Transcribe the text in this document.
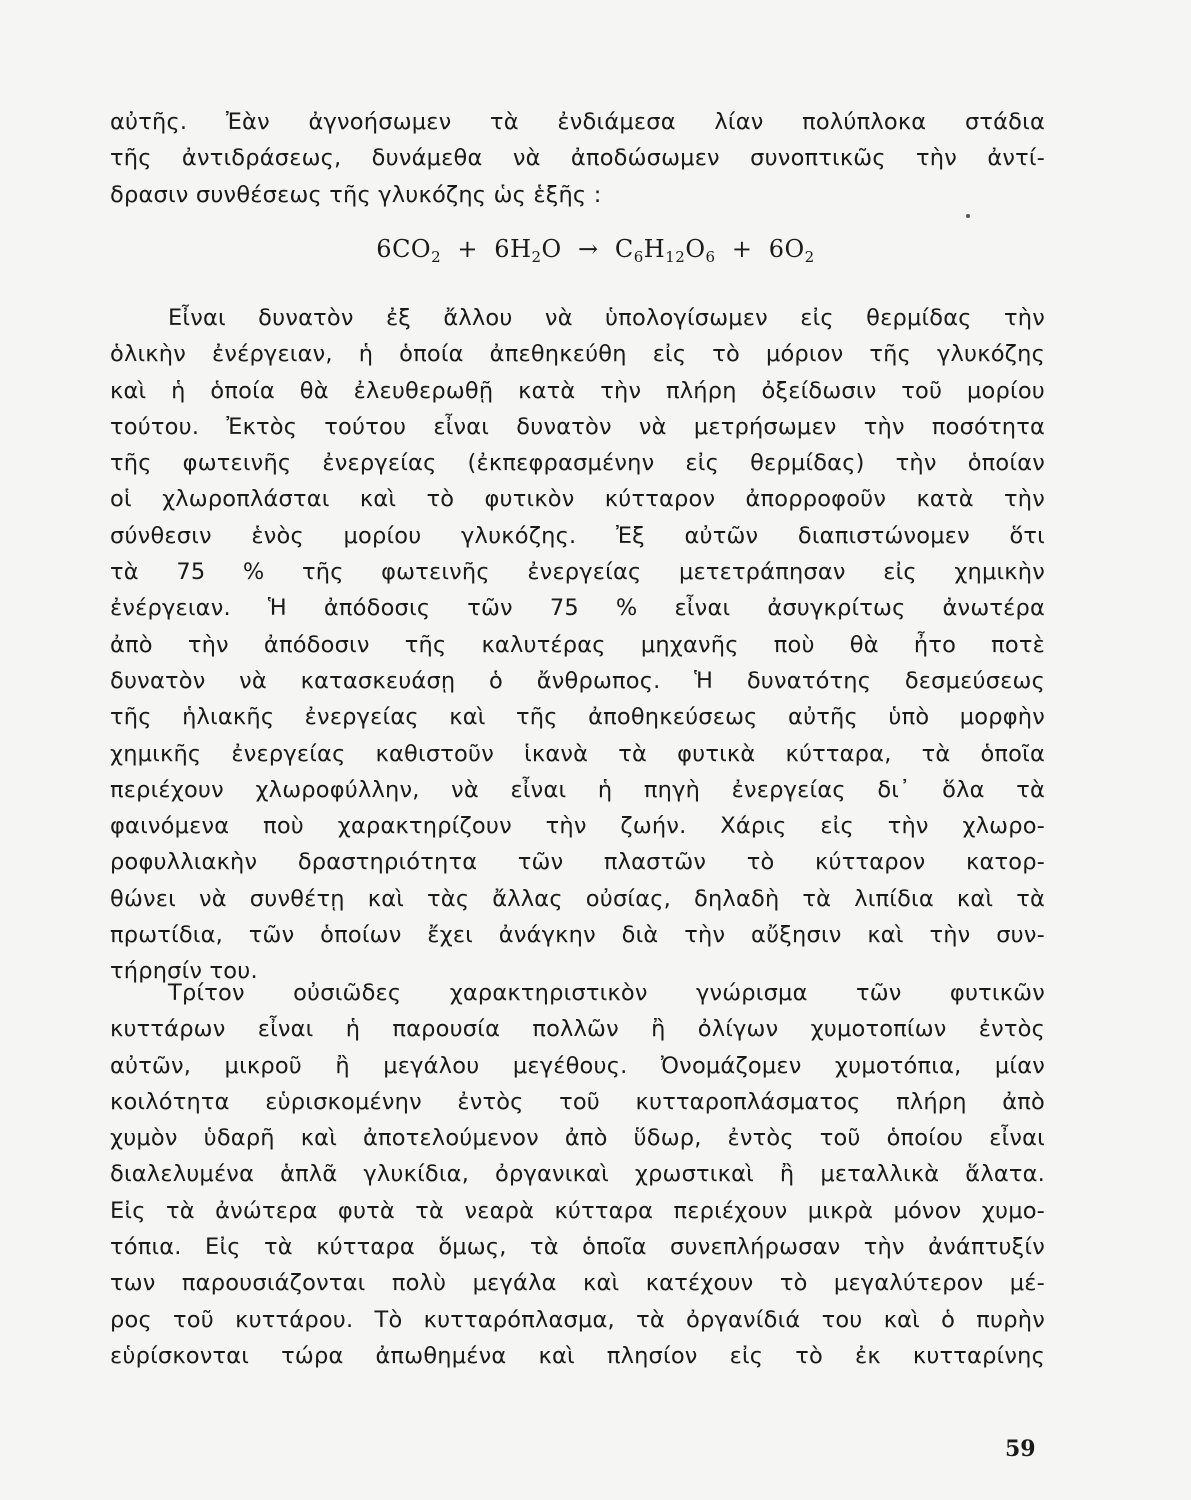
αὐτῆς. Ἐὰν ἀγνοήσωμεν τὰ ἐνδιάμεσα λίαν πολύπλοκα στάδια
τῆς ἀντιδράσεως, δυνάμεθα νὰ ἀποδώσωμεν συνοπτικῶς τὴν ἀντί-
δρασιν συνθέσεως τῆς γλυκόζης ὡς ἑξῆς :
$6CO_2 + 6H_2O \to C_6H_{12}O_6 + 6O_2$
Εἶναι δυνατὸν ἐξ ἄλλου νὰ ὑπολογίσωμεν εἰς θερμίδας τὴν
ὁλικὴν ἐνέργειαν, ἡ ὁποία ἀπεθηκεύθη εἰς τὸ μόριον τῆς γλυκόζης
καὶ ἡ ὁποία θὰ ἐλευθερωθῇ κατὰ τὴν πλήρη ὀξείδωσιν τοῦ μορίου
τούτου. Ἐκτὸς τούτου εἶναι δυνατὸν νὰ μετρήσωμεν τὴν ποσότητα
τῆς φωτεινῆς ἐνεργείας (ἐκπεφρασμένην εἰς θερμίδας) τὴν ὁποίαν
οἱ χλωροπλάσται καὶ τὸ φυτικὸν κύτταρον ἀπορροφοῦν κατὰ τὴν
σύνθεσιν ἑνὸς μορίου γλυκόζης. Ἐξ αὐτῶν διαπιστώνομεν ὅτι
τὰ 75 % τῆς φωτεινῆς ἐνεργείας μετετράπησαν εἰς χημικὴν
ἐνέργειαν. Ἡ ἀπόδοσις τῶν 75 % εἶναι ἀσυγκρίτως ἀνωτέρα
ἀπὸ τὴν ἀπόδοσιν τῆς καλυτέρας μηχανῆς ποὺ θὰ ἦτο ποτὲ
δυνατὸν νὰ κατασκευάσῃ ὁ ἄνθρωπος. Ἡ δυνατότης δεσμεύσεως
τῆς ἡλιακῆς ἐνεργείας καὶ τῆς ἀποθηκεύσεως αὐτῆς ὑπὸ μορφὴν
χημικῆς ἐνεργείας καθιστοῦν ἱκανὰ τὰ φυτικὰ κύτταρα, τὰ ὁποῖα
περιέχουν χλωροφύλλην, νὰ εἶναι ἡ πηγὴ ἐνεργείας δι᾽ ὅλα τὰ
φαινόμενα ποὺ χαρακτηρίζουν τὴν ζωήν. Χάρις εἰς τὴν χλωρο-
ροφυλλιακὴν δραστηριότητα τῶν πλαστῶν τὸ κύτταρον κατορ-
θώνει νὰ συνθέτῃ καὶ τὰς ἄλλας οὐσίας, δηλαδὴ τὰ λιπίδια καὶ τὰ
πρωτίδια, τῶν ὁποίων ἔχει ἀνάγκην διὰ τὴν αὔξησιν καὶ τὴν συν-
τήρησίν του.
Τρίτον οὐσιῶδες χαρακτηριστικὸν γνώρισμα τῶν φυτικῶν
κυττάρων εἶναι ἡ παρουσία πολλῶν ἢ ὀλίγων χυμοτοπίων ἐντὸς
αὐτῶν, μικροῦ ἢ μεγάλου μεγέθους. Ὀνομάζομεν χυμοτόπια, μίαν
κοιλότητα εὑρισκομένην ἐντὸς τοῦ κυτταροπλάσματος πλήρη ἀπὸ
χυμὸν ὑδαρῆ καὶ ἀποτελούμενον ἀπὸ ὕδωρ, ἐντὸς τοῦ ὁποίου εἶναι
διαλελυμένα ἁπλᾶ γλυκίδια, ὀργανικαὶ χρωστικαὶ ἢ μεταλλικὰ ἅλατα.
Εἰς τὰ ἀνώτερα φυτὰ τὰ νεαρὰ κύτταρα περιέχουν μικρὰ μόνον χυμο-
τόπια. Εἰς τὰ κύτταρα ὅμως, τὰ ὁποῖα συνεπλήρωσαν τὴν ἀνάπτυξίν
των παρουσιάζονται πολὺ μεγάλα καὶ κατέχουν τὸ μεγαλύτερον μέ-
ρος τοῦ κυττάρου. Τὸ κυτταρόπλασμα, τὰ ὀργανίδιά του καὶ ὁ πυρὴν
εὑρίσκονται τώρα ἀπωθημένα καὶ πλησίον εἰς τὸ ἐκ κυτταρίνης
59
